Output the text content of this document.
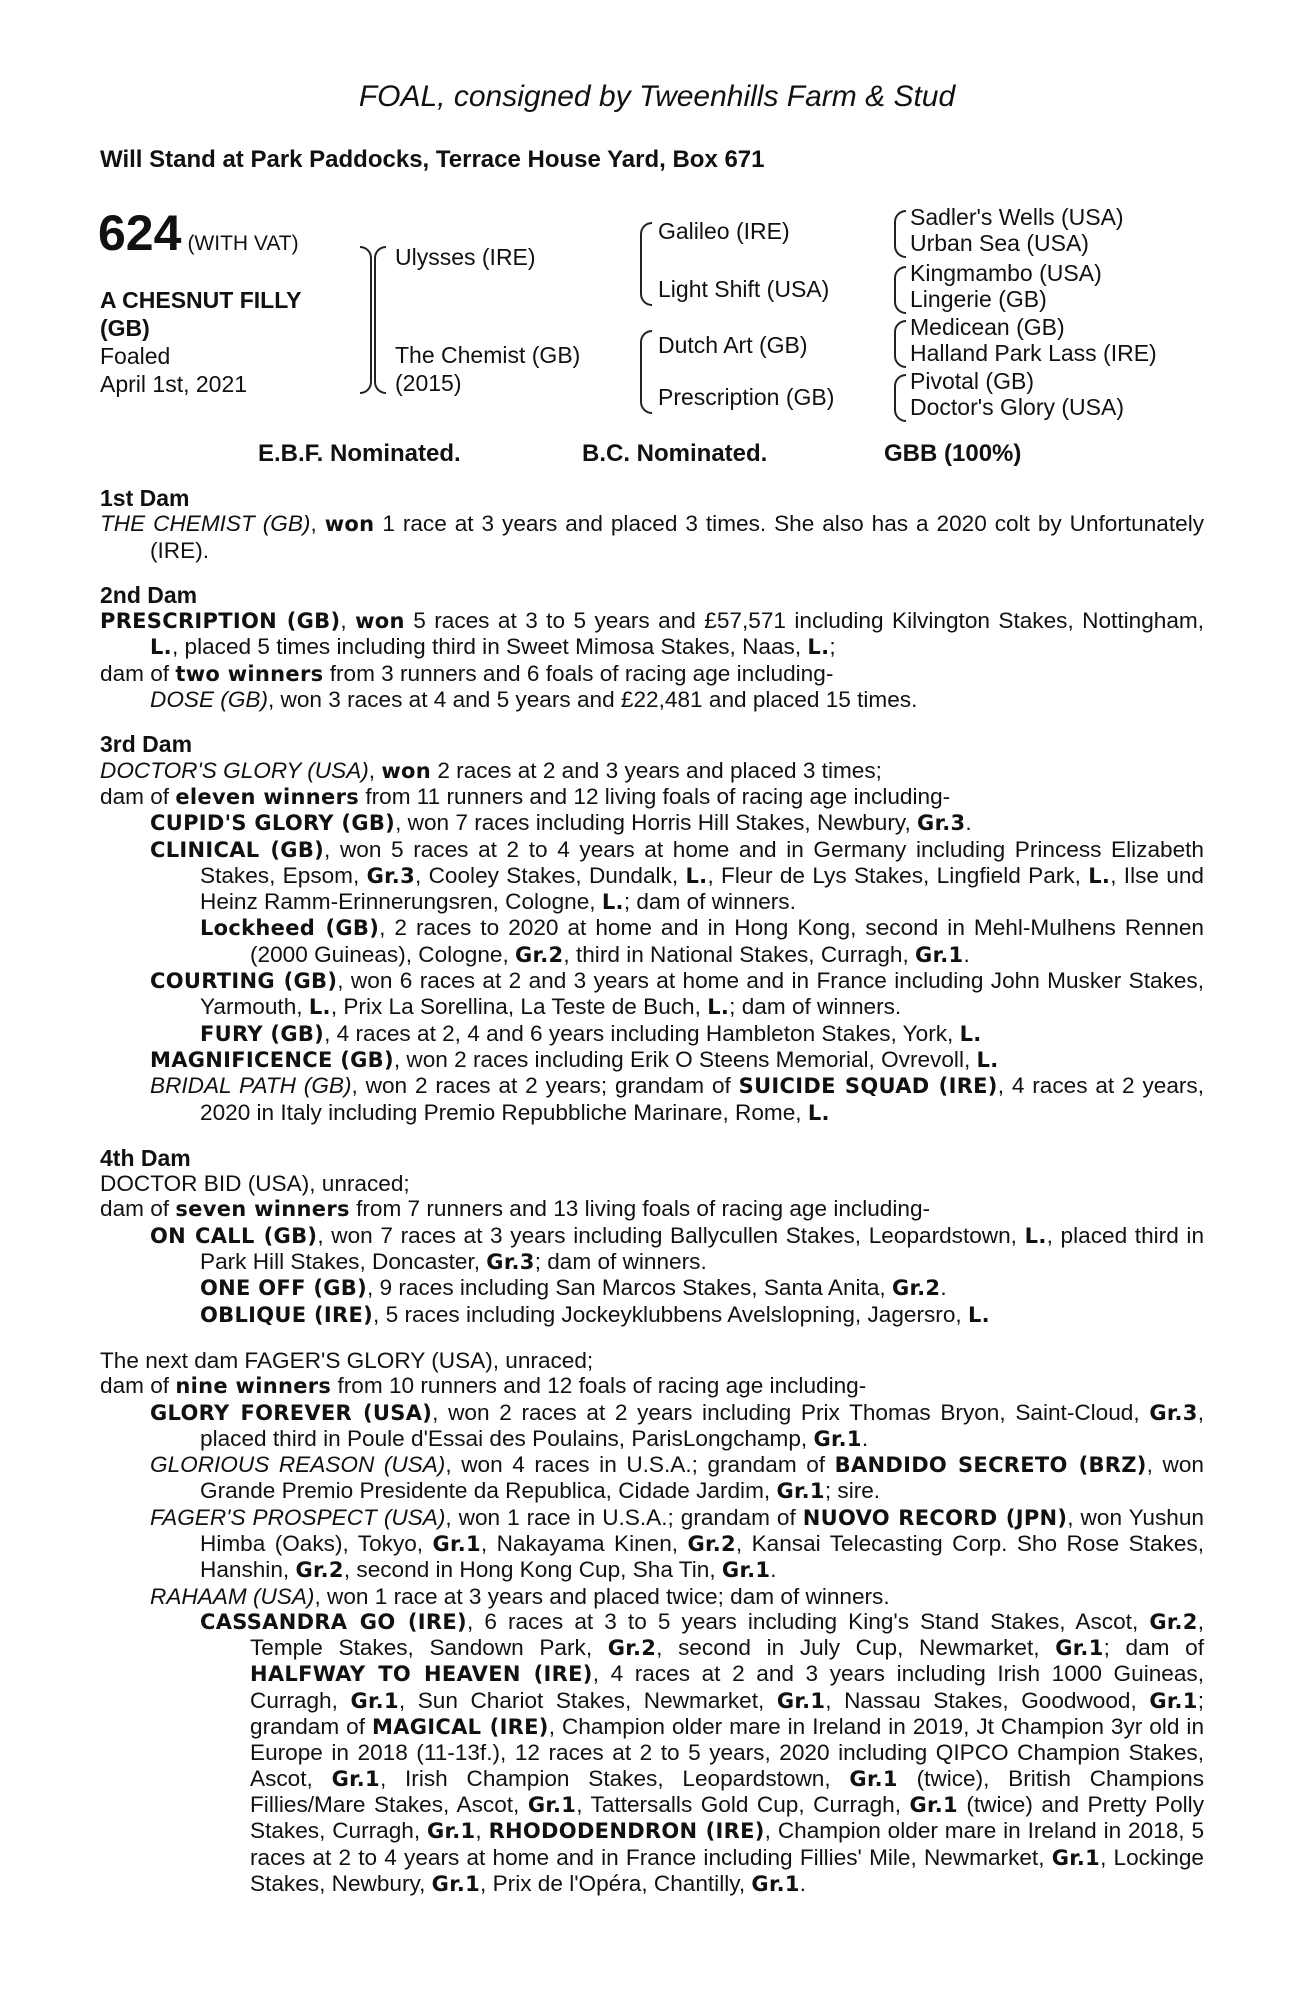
FOAL, consigned by Tweenhills Farm & Stud
Will Stand at Park Paddocks, Terrace House Yard, Box 671
624 (WITH VAT)
A CHESNUT FILLY
(GB)
Foaled
April 1st, 2021
Ulysses (IRE)
The Chemist (GB)
(2015)
Galileo (IRE)
Light Shift (USA)
Dutch Art (GB)
Prescription (GB)
Sadler's Wells (USA)
Urban Sea (USA)
Kingmambo (USA)
Lingerie (GB)
Medicean (GB)
Halland Park Lass (IRE)
Pivotal (GB)
Doctor's Glory (USA)
E.B.F. Nominated.	B.C. Nominated.	GBB (100%)
1st Dam
THE CHEMIST (GB), won 1 race at 3 years and placed 3 times. She also has a 2020 colt by Unfortunately (IRE).
2nd Dam
PRESCRIPTION (GB), won 5 races at 3 to 5 years and £57,571 including Kilvington Stakes, Nottingham, L., placed 5 times including third in Sweet Mimosa Stakes, Naas, L.;
dam of two winners from 3 runners and 6 foals of racing age including-
DOSE (GB), won 3 races at 4 and 5 years and £22,481 and placed 15 times.
3rd Dam
DOCTOR'S GLORY (USA), won 2 races at 2 and 3 years and placed 3 times;
dam of eleven winners from 11 runners and 12 living foals of racing age including-
CUPID'S GLORY (GB), won 7 races including Horris Hill Stakes, Newbury, Gr.3.
CLINICAL (GB), won 5 races at 2 to 4 years at home and in Germany including Princess Elizabeth Stakes, Epsom, Gr.3, Cooley Stakes, Dundalk, L., Fleur de Lys Stakes, Lingfield Park, L., Ilse und Heinz Ramm-Erinnerungsren, Cologne, L.; dam of winners.
Lockheed (GB), 2 races to 2020 at home and in Hong Kong, second in Mehl-Mulhens Rennen (2000 Guineas), Cologne, Gr.2, third in National Stakes, Curragh, Gr.1.
COURTING (GB), won 6 races at 2 and 3 years at home and in France including John Musker Stakes, Yarmouth, L., Prix La Sorellina, La Teste de Buch, L.; dam of winners.
FURY (GB), 4 races at 2, 4 and 6 years including Hambleton Stakes, York, L.
MAGNIFICENCE (GB), won 2 races including Erik O Steens Memorial, Ovrevoll, L.
BRIDAL PATH (GB), won 2 races at 2 years; grandam of SUICIDE SQUAD (IRE), 4 races at 2 years, 2020 in Italy including Premio Repubbliche Marinare, Rome, L.
4th Dam
DOCTOR BID (USA), unraced;
dam of seven winners from 7 runners and 13 living foals of racing age including-
ON CALL (GB), won 7 races at 3 years including Ballycullen Stakes, Leopardstown, L., placed third in Park Hill Stakes, Doncaster, Gr.3; dam of winners.
ONE OFF (GB), 9 races including San Marcos Stakes, Santa Anita, Gr.2.
OBLIQUE (IRE), 5 races including Jockeyklubbens Avelslopning, Jagersro, L.
The next dam FAGER'S GLORY (USA), unraced;
dam of nine winners from 10 runners and 12 foals of racing age including-
GLORY FOREVER (USA), won 2 races at 2 years including Prix Thomas Bryon, Saint-Cloud, Gr.3, placed third in Poule d'Essai des Poulains, ParisLongchamp, Gr.1.
GLORIOUS REASON (USA), won 4 races in U.S.A.; grandam of BANDIDO SECRETO (BRZ), won Grande Premio Presidente da Republica, Cidade Jardim, Gr.1; sire.
FAGER'S PROSPECT (USA), won 1 race in U.S.A.; grandam of NUOVO RECORD (JPN), won Yushun Himba (Oaks), Tokyo, Gr.1, Nakayama Kinen, Gr.2, Kansai Telecasting Corp. Sho Rose Stakes, Hanshin, Gr.2, second in Hong Kong Cup, Sha Tin, Gr.1.
RAHAAM (USA), won 1 race at 3 years and placed twice; dam of winners.
CASSANDRA GO (IRE), 6 races at 3 to 5 years including King's Stand Stakes, Ascot, Gr.2, Temple Stakes, Sandown Park, Gr.2, second in July Cup, Newmarket, Gr.1; dam of HALFWAY TO HEAVEN (IRE), 4 races at 2 and 3 years including Irish 1000 Guineas, Curragh, Gr.1, Sun Chariot Stakes, Newmarket, Gr.1, Nassau Stakes, Goodwood, Gr.1; grandam of MAGICAL (IRE), Champion older mare in Ireland in 2019, Jt Champion 3yr old in Europe in 2018 (11-13f.), 12 races at 2 to 5 years, 2020 including QIPCO Champion Stakes, Ascot, Gr.1, Irish Champion Stakes, Leopardstown, Gr.1 (twice), British Champions Fillies/Mare Stakes, Ascot, Gr.1, Tattersalls Gold Cup, Curragh, Gr.1 (twice) and Pretty Polly Stakes, Curragh, Gr.1, RHODODENDRON (IRE), Champion older mare in Ireland in 2018, 5 races at 2 to 4 years at home and in France including Fillies' Mile, Newmarket, Gr.1, Lockinge Stakes, Newbury, Gr.1, Prix de l'Opéra, Chantilly, Gr.1.
